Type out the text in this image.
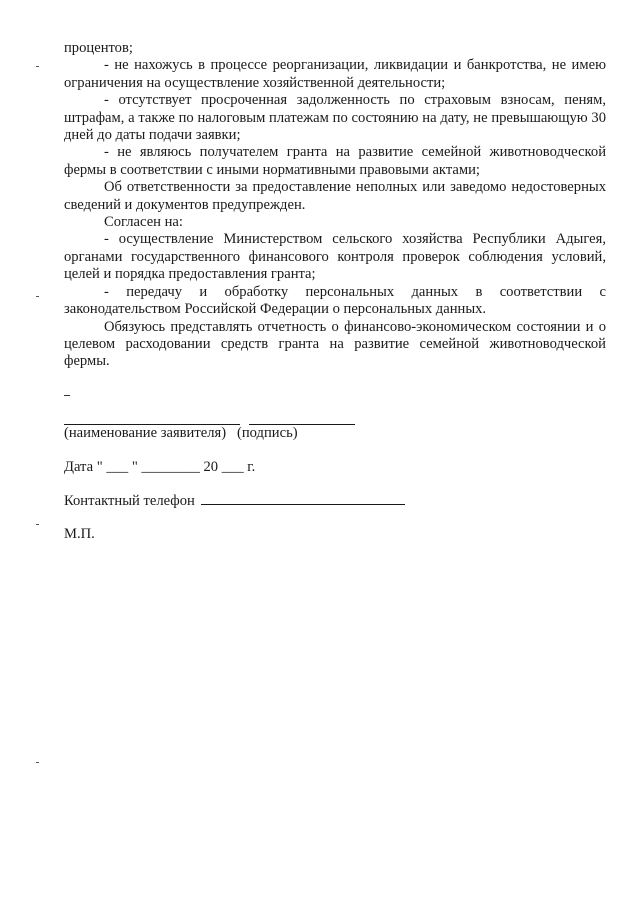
процентов;

- не нахожусь в процессе реорганизации, ликвидации и банкротства, не имею ограничения на осуществление хозяйственной деятельности;

- отсутствует просроченная задолженность по страховым взносам, пеням, штрафам, а также по налоговым платежам по состоянию на дату, не превышающую 30 дней до даты подачи заявки;

- не являюсь получателем гранта на развитие семейной животноводческой фермы в соответствии с иными нормативными правовыми актами;

Об ответственности за предоставление неполных или заведомо недостоверных сведений и документов предупрежден.

Согласен на:

- осуществление Министерством сельского хозяйства Республики Адыгея, органами государственного финансового контроля проверок соблюдения условий, целей и порядка предоставления гранта;

- передачу и обработку персональных данных в соответствии с законодательством Российской Федерации о персональных данных.

Обязуюсь представлять отчетность о финансово-экономическом состоянии и о целевом расходовании средств гранта на развитие семейной животноводческой фермы.

(наименование заявителя)   (подпись)
Дата " ___ " ________ 20 ___ г.
Контактный телефон
М.П.
